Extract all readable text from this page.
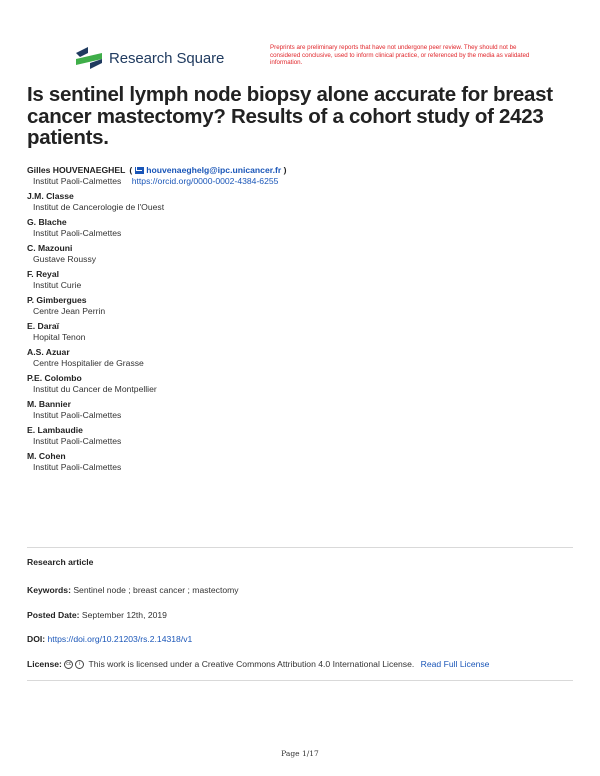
Research Square
Preprints are preliminary reports that have not undergone peer review. They should not be considered conclusive, used to inform clinical practice, or referenced by the media as validated information.
Is sentinel lymph node biopsy alone accurate for breast cancer mastectomy? Results of a cohort study of 2423 patients.
Gilles HOUVENAEGHEL ( houvenaeghelg@ipc.unicancer.fr )
Institut Paoli-Calmettes https://orcid.org/0000-0002-4384-6255
J.M. Classe
Institut de Cancerologie de l'Ouest
G. Blache
Institut Paoli-Calmettes
C. Mazouni
Gustave Roussy
F. Reyal
Institut Curie
P. Gimbergues
Centre Jean Perrin
E. Daraï
Hopital Tenon
A.S. Azuar
Centre Hospitalier de Grasse
P.E. Colombo
Institut du Cancer de Montpellier
M. Bannier
Institut Paoli-Calmettes
E. Lambaudie
Institut Paoli-Calmettes
M. Cohen
Institut Paoli-Calmettes
Research article
Keywords: Sentinel node ; breast cancer ; mastectomy
Posted Date: September 12th, 2019
DOI: https://doi.org/10.21203/rs.2.14318/v1
License: cc i This work is licensed under a Creative Commons Attribution 4.0 International License. Read Full License
Page 1/17
